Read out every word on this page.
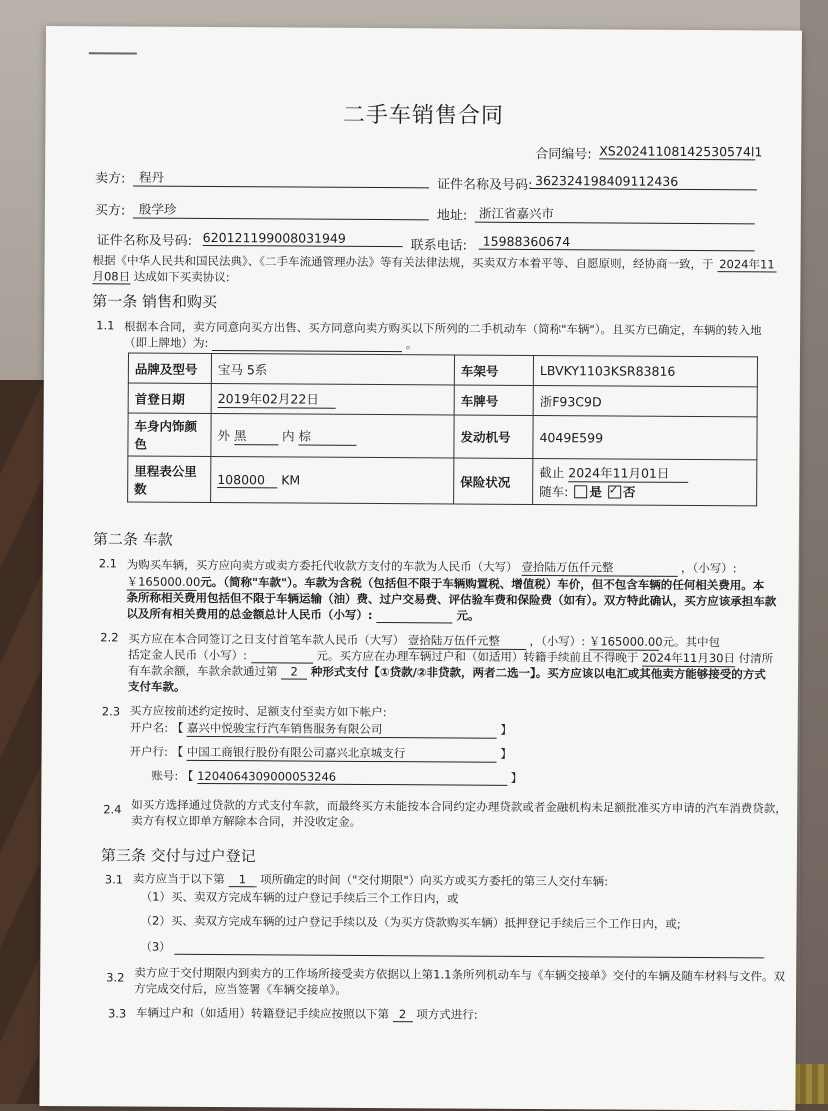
二手车销售合同
合同编号: XS20241108142530574l1
卖方:	程丹
证件名称及号码: 362324198409112436
买方:	殷学珍	地址: 浙江省嘉兴市
证件名称及号码: 620121199008031949
联系电话:	15988360674
根据《中华人民共和国民法典》、《二手车流通管理办法》等有关法律法规，买卖双方本着平等、自愿原则，经协商一致，于 2024年11
月08日 达成如下买卖协议:
第一条 销售和购买
1.1 根据本合同，卖方同意向买方出售、买方同意向卖方购买以下所列的二手机动车（简称"车辆"）。且买方已确定，车辆的转入地
（即上牌地）为:	。
品牌及型号	宝马 5系	车架号	LBVKY1103KSR83816
首登日期	2019年02月22日	车牌号	浙F93C9D
车身内饰颜
色	外 黑 内 棕	发动机号	4049E599
里程表公里
数	108000 KM	保险状况	截止 2024年11月01日
随车: 是 ✓ 否
第二条 车款
2.1 为购买车辆，买方应向卖方或卖方委托代收款方支付的车款为人民币（大写） 壹拾陆万伍仟元整	，（小写）:
￥165000.00 元。（简称"车款"）。车款为含税（包括但不限于车辆购置税、增值税）车价，但不包含车辆的任何相关费用。本
条所称相关费用包括但不限于车辆运输（油）费、过户交易费、评估验车费和保险费（如有）。双方特此确认，买方应该承担车款
以及所有相关费用的总金额总计人民币（小写）:	元。
2.2 买方应在本合同签订之日支付首笔车款人民币（大写） 壹拾陆万伍仟元整	，（小写）: ￥165000.00 元。其中包
括定金人民币（小写）:	元。买方应在办理车辆过户和（如适用）转籍手续前且不得晚于 2024年11月30日 付清所
有车款余额，车款余款通过第 2 种形式支付【①贷款/②非贷款，两者二选一】。买方应该以电汇或其他卖方能够接受的方式
支付车款。
2.3 买方应按前述约定按时、足额支付至卖方如下帐户:
开户名: 【 嘉兴中悦骏宝行汽车销售服务有限公司	】
开户行: 【 中国工商银行股份有限公司嘉兴北京城支行	】
账号: 【 1204064309000053246	】
2.4 如买方选择通过贷款的方式支付车款，而最终买方未能按本合同约定办理贷款或者金融机构未足额批准买方申请的汽车消费贷款，
卖方有权立即单方解除本合同，并没收定金。
第三条 交付与过户登记
3.1 卖方应当于以下第 1 项所确定的时间（"交付期限"）向买方或买方委托的第三人交付车辆:
（1）买、卖双方完成车辆的过户登记手续后三个工作日内，或
（2）买、卖双方完成车辆的过户登记手续以及（为买方贷款购买车辆）抵押登记手续后三个工作日内，或;
（3）
3.2 卖方应于交付期限内到卖方的工作场所接受卖方依据以上第1.1条所列机动车与《车辆交接单》交付的车辆及随车材料与文件。双
方完成交付后，应当签署《车辆交接单》。
3.3 车辆过户和（如适用）转籍登记手续应按照以下第 2 项方式进行:
